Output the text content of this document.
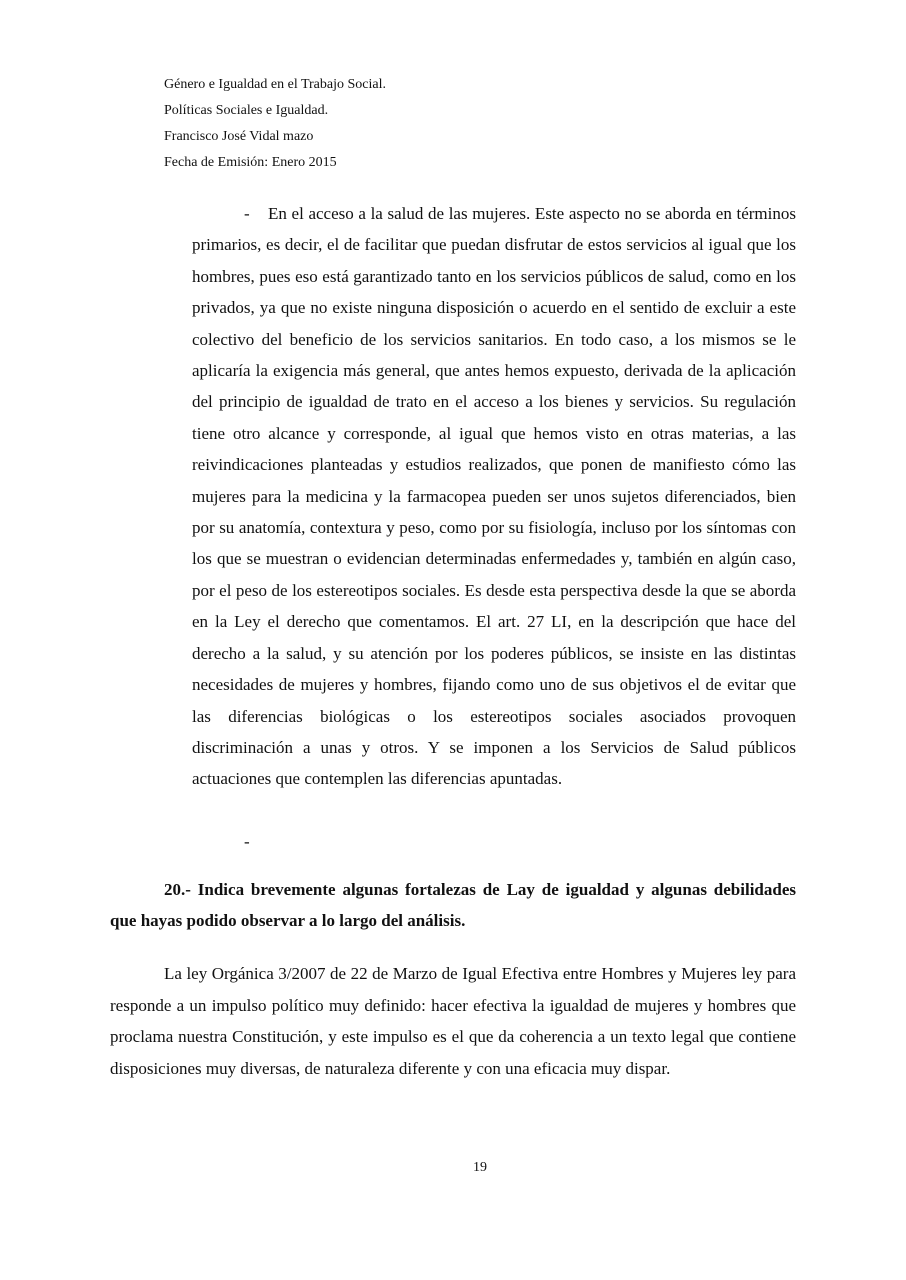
Género e Igualdad en el Trabajo Social.
Políticas Sociales e Igualdad.
Francisco José Vidal mazo
Fecha de Emisión: Enero 2015

- En el acceso a la salud de las mujeres. Este aspecto no se aborda en términos primarios, es decir, el de facilitar que puedan disfrutar de estos servicios al igual que los hombres, pues eso está garantizado tanto en los servicios públicos de salud, como en los privados, ya que no existe ninguna disposición o acuerdo en el sentido de excluir a este colectivo del beneficio de los servicios sanitarios. En todo caso, a los mismos se le aplicaría la exigencia más general, que antes hemos expuesto, derivada de la aplicación del principio de igualdad de trato en el acceso a los bienes y servicios. Su regulación tiene otro alcance y corresponde, al igual que hemos visto en otras materias, a las reivindicaciones planteadas y estudios realizados, que ponen de manifiesto cómo las mujeres para la medicina y la farmacopea pueden ser unos sujetos diferenciados, bien por su anatomía, contextura y peso, como por su fisiología, incluso por los síntomas con los que se muestran o evidencian determinadas enfermedades y, también en algún caso, por el peso de los estereotipos sociales. Es desde esta perspectiva desde la que se aborda en la Ley el derecho que comentamos. El art. 27 LI, en la descripción que hace del derecho a la salud, y su atención por los poderes públicos, se insiste en las distintas necesidades de mujeres y hombres, fijando como uno de sus objetivos el de evitar que las diferencias biológicas o los estereotipos sociales asociados provoquen discriminación a unas y otros. Y se imponen a los Servicios de Salud públicos actuaciones que contemplen las diferencias apuntadas.

-

20.- Indica brevemente algunas fortalezas de Lay de igualdad y algunas debilidades que hayas podido observar a lo largo del análisis.

La ley Orgánica 3/2007 de 22 de Marzo de Igual Efectiva entre Hombres y Mujeres ley para responde a un impulso político muy definido: hacer efectiva la igualdad de mujeres y hombres que proclama nuestra Constitución, y este impulso es el que da coherencia a un texto legal que contiene disposiciones muy diversas, de naturaleza diferente y con una eficacia muy dispar.

19
